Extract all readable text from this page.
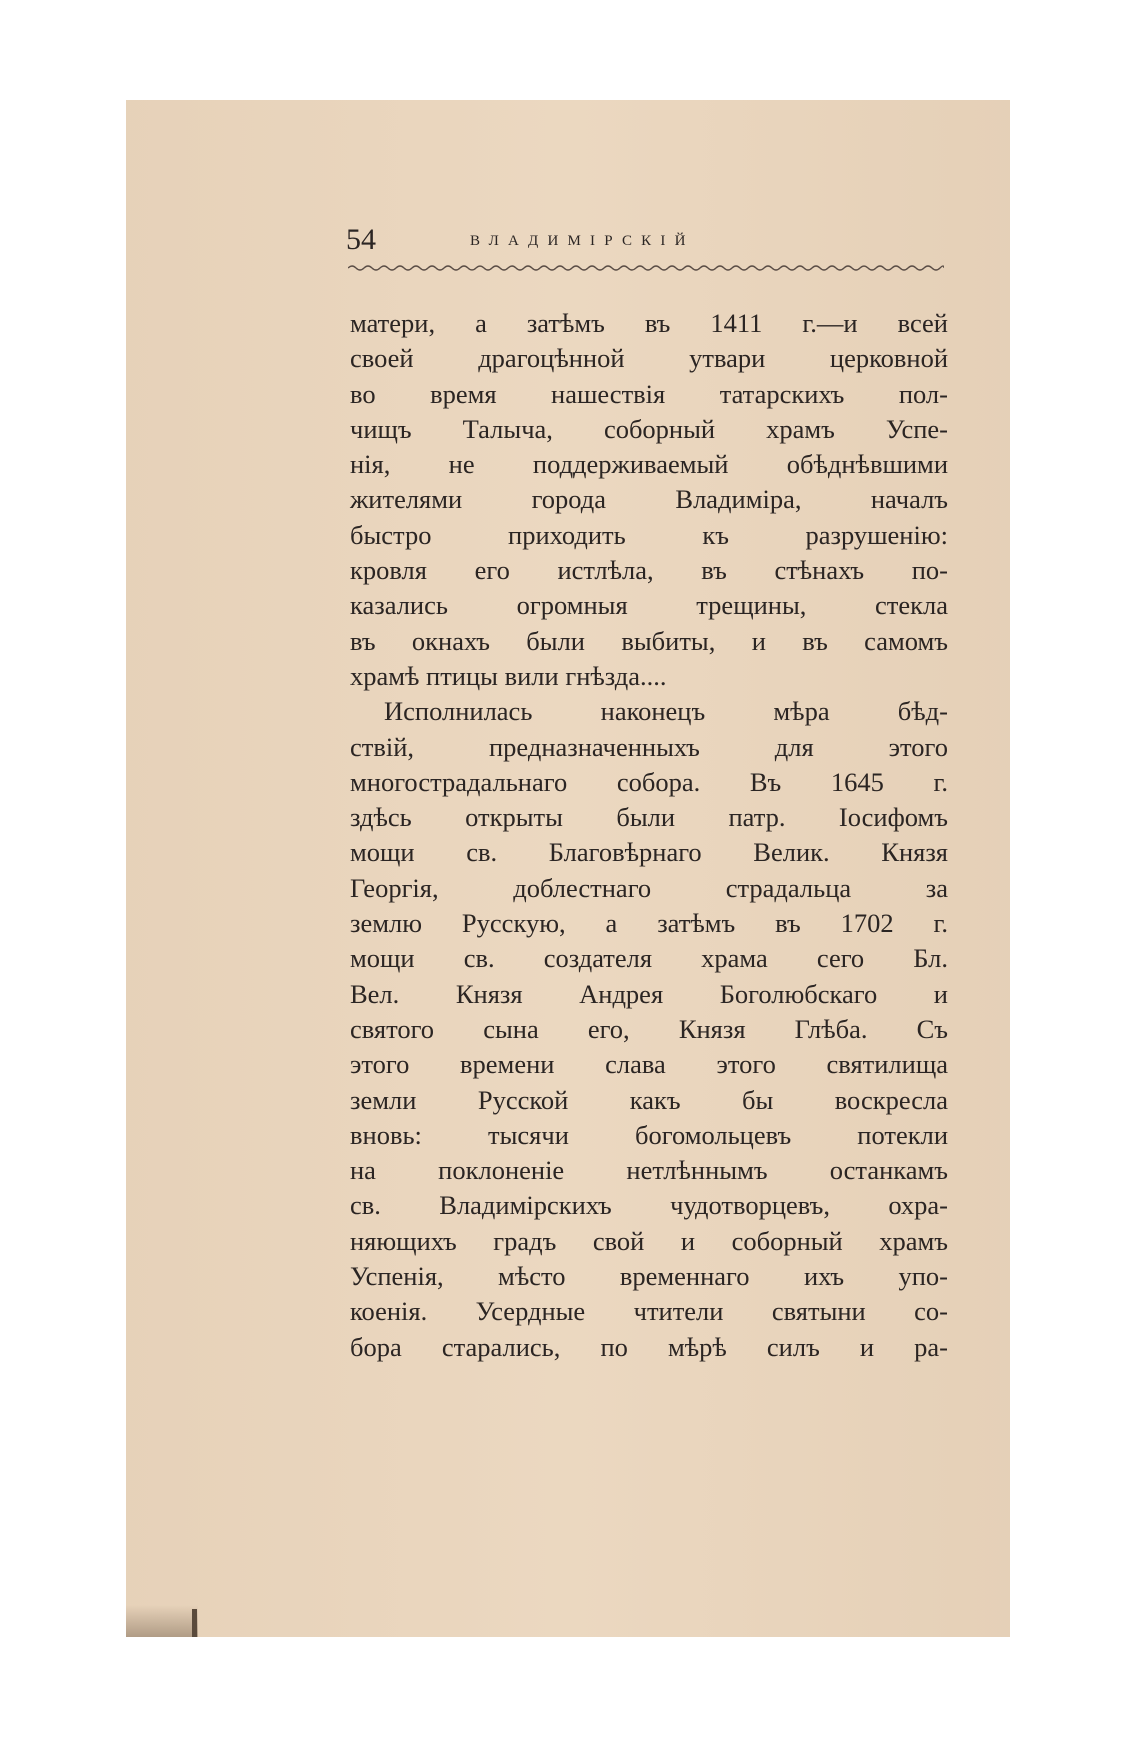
54	ВЛАДИМІРСКІЙ
матери, а затѣмъ въ 1411 г.—и всей
своей драгоцѣнной утвари церковной
во время нашествія татарскихъ пол-
чищъ Талыча, соборный храмъ Успе-
нія, не поддерживаемый обѣднѣвшими
жителями города Владиміра, началъ
быстро приходить къ разрушенію:
кровля его истлѣла, въ стѣнахъ по-
казались огромныя трещины, стекла
въ окнахъ были выбиты, и въ самомъ
храмѣ птицы вили гнѣзда....
Исполнилась наконецъ мѣра бѣд-
ствій, предназначенныхъ для этого
многострадальнаго собора. Въ 1645 г.
здѣсь открыты были патр. Іосифомъ
мощи св. Благовѣрнаго Велик. Князя
Георгія, доблестнаго страдальца за
землю Русскую, а затѣмъ въ 1702 г.
мощи св. создателя храма сего Бл.
Вел. Князя Андрея Боголюбскаго и
святого сына его, Князя Глѣба. Съ
этого времени слава этого святилища
земли Русской какъ бы воскресла
вновь: тысячи богомольцевъ потекли
на поклоненіе нетлѣннымъ останкамъ
св. Владимірскихъ чудотворцевъ, охра-
няющихъ градъ свой и соборный храмъ
Успенія, мѣсто временнаго ихъ упо-
коенія. Усердные чтители святыни со-
бора старались, по мѣрѣ силъ и ра-
